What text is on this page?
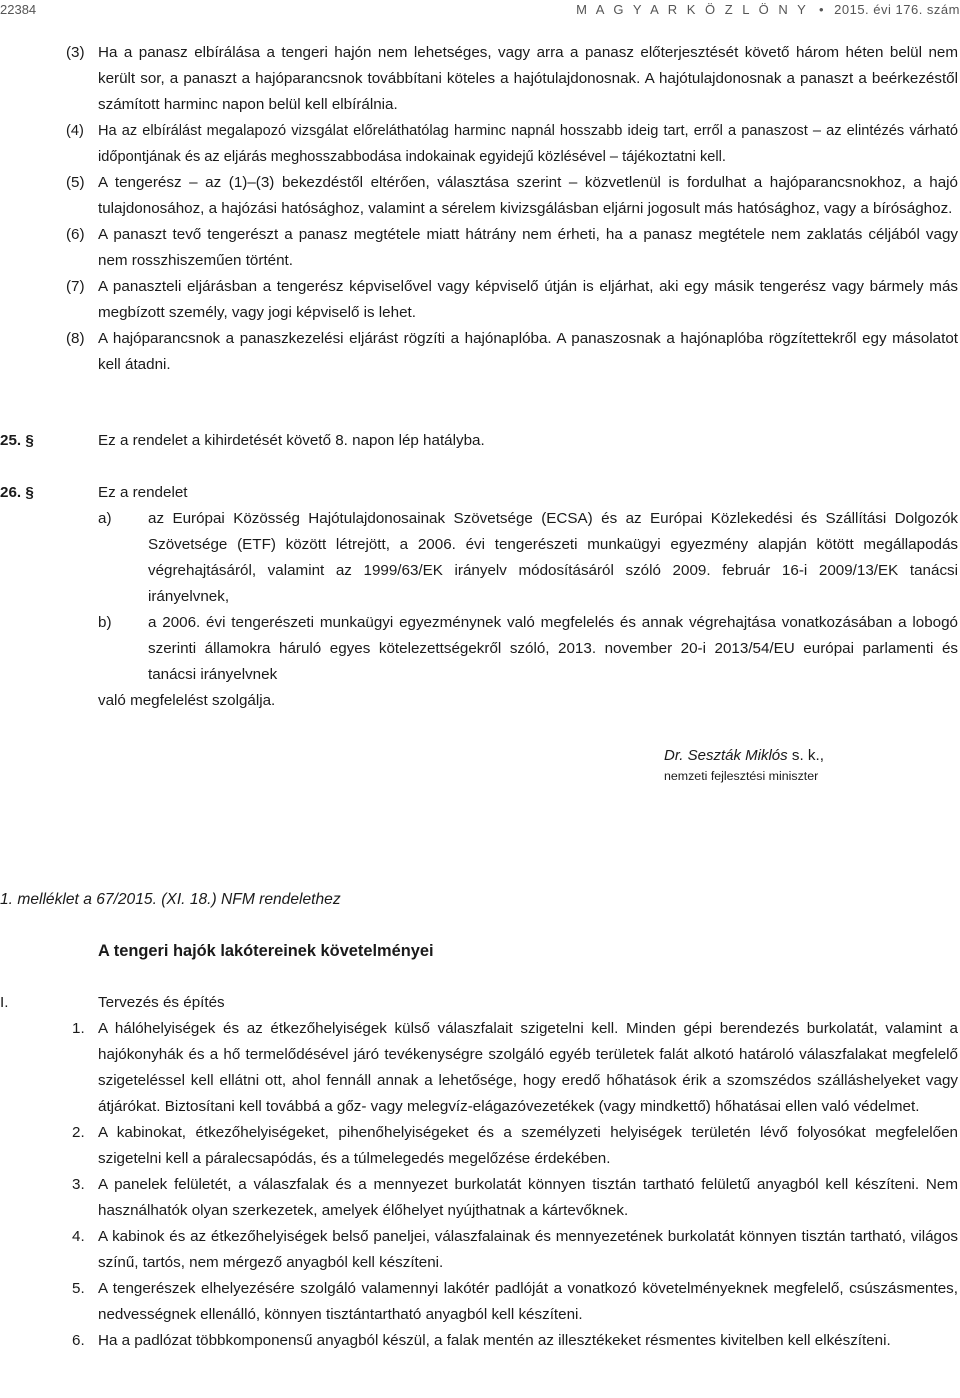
22384	M A G Y A R K Ö Z L Ö N Y • 2015. évi 176. szám

(3) Ha a panasz elbírálása a tengeri hajón nem lehetséges, vagy arra a panasz előterjesztését követő három héten belül nem került sor, a panaszt a hajóparancsnok továbbítani köteles a hajótulajdonosnak. A hajótulajdonosnak a panaszt a beérkezéstől számított harminc napon belül kell elbírálnia.

(4) Ha az elbírálást megalapozó vizsgálat előreláthatólag harminc napnál hosszabb ideig tart, erről a panaszost – az elintézés várható időpontjának és az eljárás meghosszabbodása indokainak egyidejű közlésével – tájékoztatni kell.

(5) A tengerész – az (1)–(3) bekezdéstől eltérően, választása szerint – közvetlenül is fordulhat a hajóparancsnokhoz, a hajó tulajdonosához, a hajózási hatósághoz, valamint a sérelem kivizsgálásban eljárni jogosult más hatósághoz, vagy a bírósághoz.

(6) A panaszt tevő tengerészt a panasz megtétele miatt hátrány nem érheti, ha a panasz megtétele nem zaklatás céljából vagy nem rosszhiszeműen történt.

(7) A panaszteli eljárásban a tengerész képviselővel vagy képviselő útján is eljárhat, aki egy másik tengerész vagy bármely más megbízott személy, vagy jogi képviselő is lehet.

(8) A hajóparancsnok a panaszkezelési eljárást rögzíti a hajónaplóba. A panaszosnak a hajónaplóba rögzítettekről egy másolatot kell átadni.

25. §	Ez a rendelet a kihirdetését követő 8. napon lép hatályba.
26. §	Ez a rendelet

a) az Európai Közösség Hajótulajdonosainak Szövetsége (ECSA) és az Európai Közlekedési és Szállítási Dolgozók Szövetsége (ETF) között létrejött, a 2006. évi tengerészeti munkaügyi egyezmény alapján kötött megállapodás végrehajtásáról, valamint az 1999/63/EK irányelv módosításáról szóló 2009. február 16-i 2009/13/EK tanácsi irányelvnek,

b) a 2006. évi tengerészeti munkaügyi egyezménynek való megfelelés és annak végrehajtása vonatkozásában a lobogó szerinti államokra háruló egyes kötelezettségekről szóló, 2013. november 20-i 2013/54/EU európai parlamenti és tanácsi irányelvnek

való megfelelést szolgálja.
Dr. Seszták Miklós s. k.,
nemzeti fejlesztési miniszter
1. melléklet a 67/2015. (XI. 18.) NFM rendelethez
A tengeri hajók lakótereinek követelményei
I.	Tervezés és építés

1. A hálóhelyiségek és az étkezőhelyiségek külső válaszfalait szigetelni kell. Minden gépi berendezés burkolatát, valamint a hajókonyhák és a hő termelődésével járó tevékenységre szolgáló egyéb területek falát alkotó határoló válaszfalakat megfelelő szigeteléssel kell ellátni ott, ahol fennáll annak a lehetősége, hogy eredő hőhatások érik a szomszédos szálláshelyeket vagy átjárókat. Biztosítani kell továbbá a gőz- vagy melegvíz-elágazóvezetékek (vagy mindkettő) hőhatásai ellen való védelmet.

2. A kabinokat, étkezőhelyiségeket, pihenőhelyiségeket és a személyzeti helyiségek területén lévő folyosókat megfelelően szigetelni kell a páralecsapódás, és a túlmelegedés megelőzése érdekében.

3. A panelek felületét, a válaszfalak és a mennyezet burkolatát könnyen tisztán tartható felületű anyagból kell készíteni. Nem használhatók olyan szerkezetek, amelyek élőhelyet nyújthatnak a kártevőknek.

4. A kabinok és az étkezőhelyiségek belső paneljei, válaszfalainak és mennyezetének burkolatát könnyen tisztán tartható, világos színű, tartós, nem mérgező anyagból kell készíteni.

5. A tengerészek elhelyezésére szolgáló valamennyi lakótér padlóját a vonatkozó követelményeknek megfelelő, csúszásmentes, nedvességnek ellenálló, könnyen tisztántartható anyagból kell készíteni.

6. Ha a padlózat többkomponensű anyagból készül, a falak mentén az illesztékeket résmentes kivitelben kell elkészíteni.
